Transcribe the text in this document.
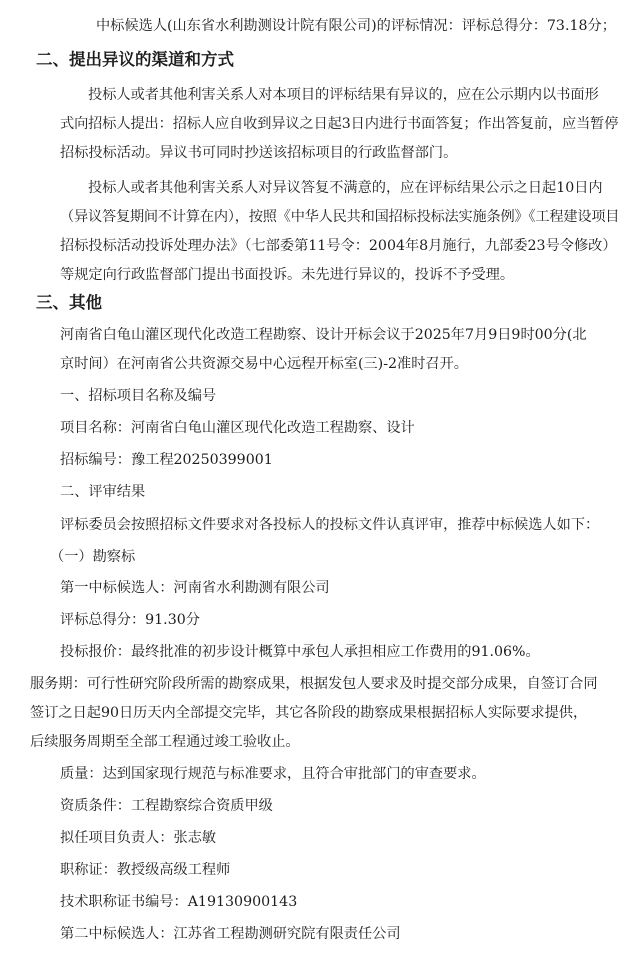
中标候选人(山东省水利勘测设计院有限公司)的评标情况：评标总得分：73.18分；
二、提出异议的渠道和方式
投标人或者其他利害关系人对本项目的评标结果有异议的，应在公示期内以书面形
式向招标人提出：招标人应自收到异议之日起3日内进行书面答复；作出答复前，应当暂停
招标投标活动。异议书可同时抄送该招标项目的行政监督部门。
投标人或者其他利害关系人对异议答复不满意的，应在评标结果公示之日起10日内
（异议答复期间不计算在内），按照《中华人民共和国招标投标法实施条例》《工程建设项目
招标投标活动投诉处理办法》（七部委第11号令：2004年8月施行，九部委23号令修改）
等规定向行政监督部门提出书面投诉。未先进行异议的，投诉不予受理。
三、其他
河南省白龟山灌区现代化改造工程勘察、设计开标会议于2025年7月9日9时00分(北
京时间）在河南省公共资源交易中心远程开标室(三)-2准时召开。
一、招标项目名称及编号
项目名称：河南省白龟山灌区现代化改造工程勘察、设计
招标编号：豫工程20250399001
二、评审结果
评标委员会按照招标文件要求对各投标人的投标文件认真评审，推荐中标候选人如下：
（一）勘察标
第一中标候选人：河南省水利勘测有限公司
评标总得分：91.30分
投标报价：最终批准的初步设计概算中承包人承担相应工作费用的91.06%。
服务期：可行性研究阶段所需的勘察成果，根据发包人要求及时提交部分成果，自签订合同
签订之日起90日历天内全部提交完毕，其它各阶段的勘察成果根据招标人实际要求提供，
后续服务周期至全部工程通过竣工验收止。
质量：达到国家现行规范与标准要求，且符合审批部门的审查要求。
资质条件：工程勘察综合资质甲级
拟任项目负责人：张志敏
职称证：教授级高级工程师
技术职称证书编号：A19130900143
第二中标候选人：江苏省工程勘测研究院有限责任公司
